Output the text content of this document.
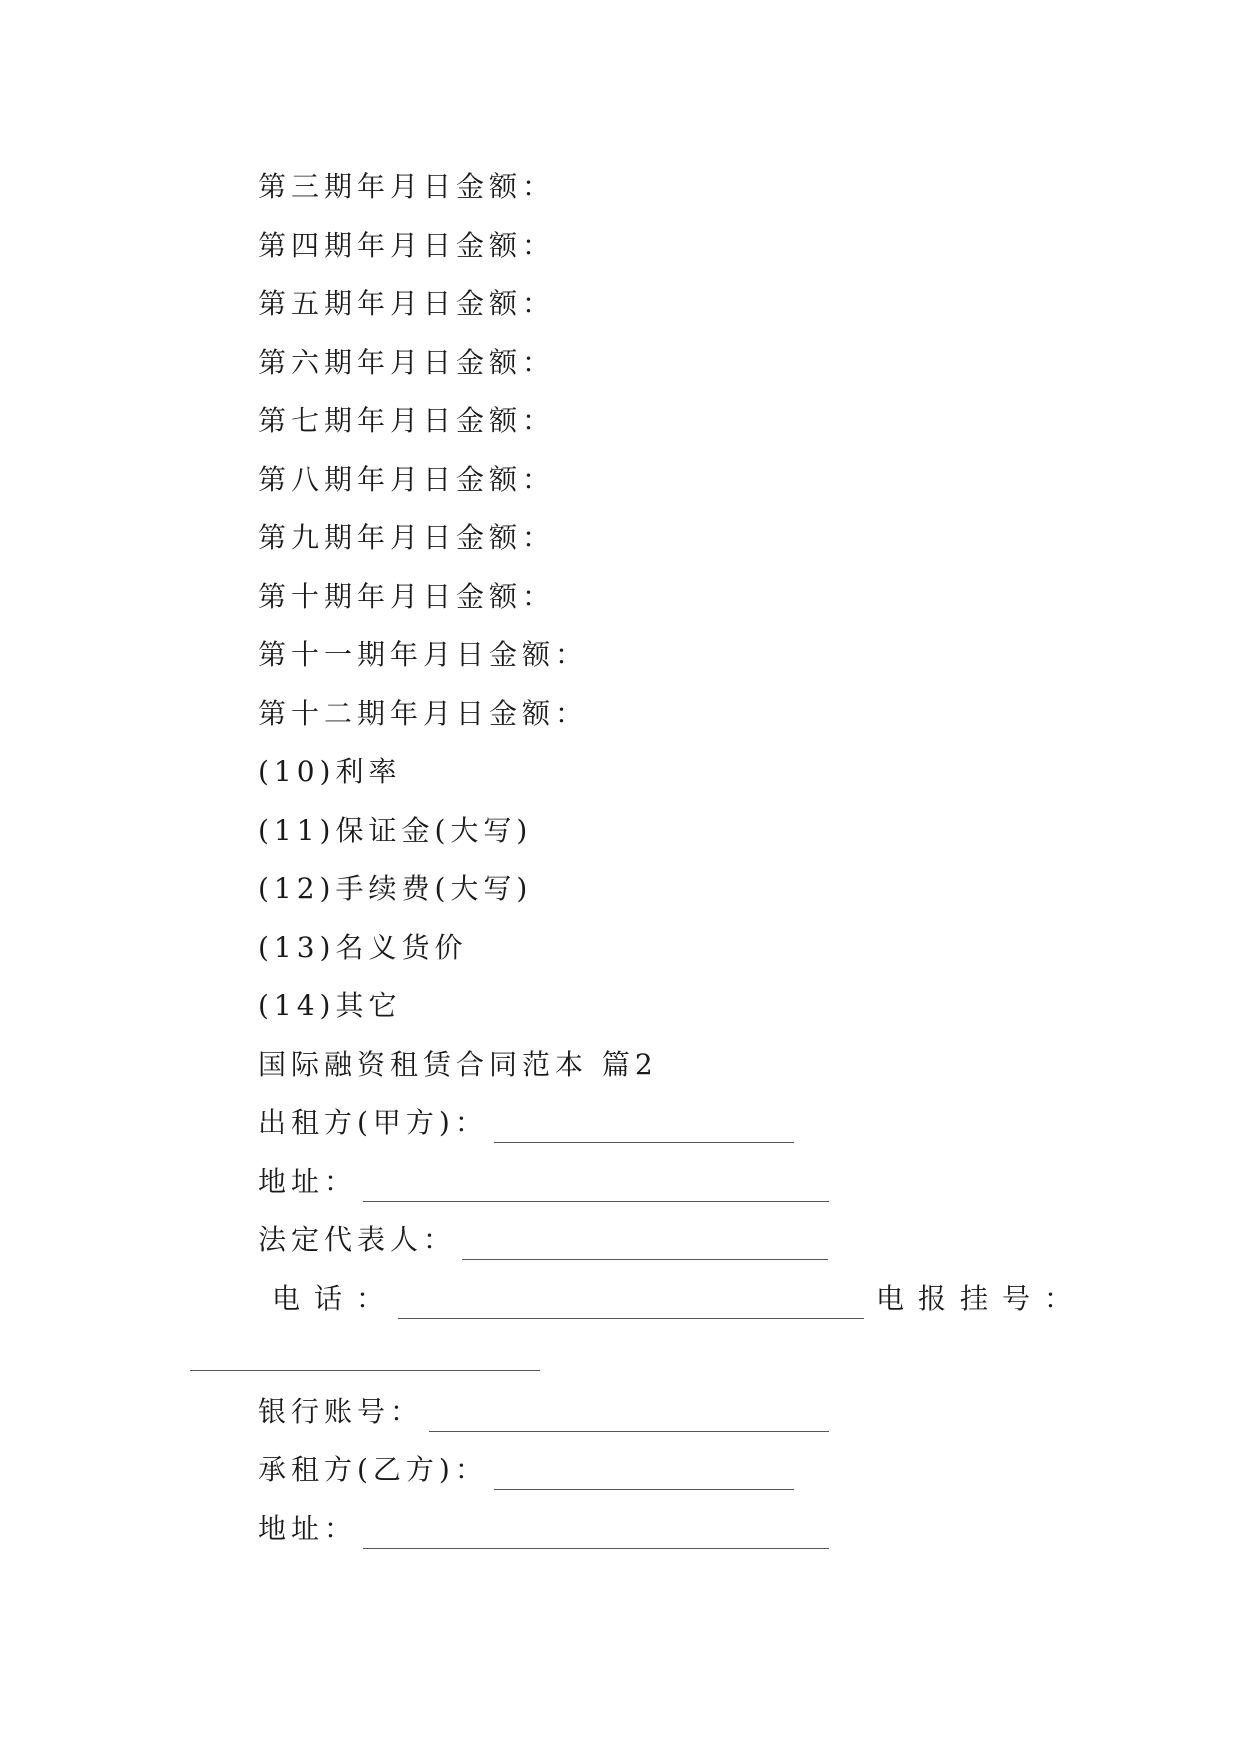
第三期年月日金额：
第四期年月日金额：
第五期年月日金额：
第六期年月日金额：
第七期年月日金额：
第八期年月日金额：
第九期年月日金额：
第十期年月日金额：
第十一期年月日金额：
第十二期年月日金额：
(10)利率
(11)保证金(大写)
(12)手续费(大写)
(13)名义货价
(14)其它
国际融资租赁合同范本 篇2
出租方(甲方)：
地址：
法定代表人：
电话：	电报挂号：
银行账号：
承租方(乙方)：
地址：
